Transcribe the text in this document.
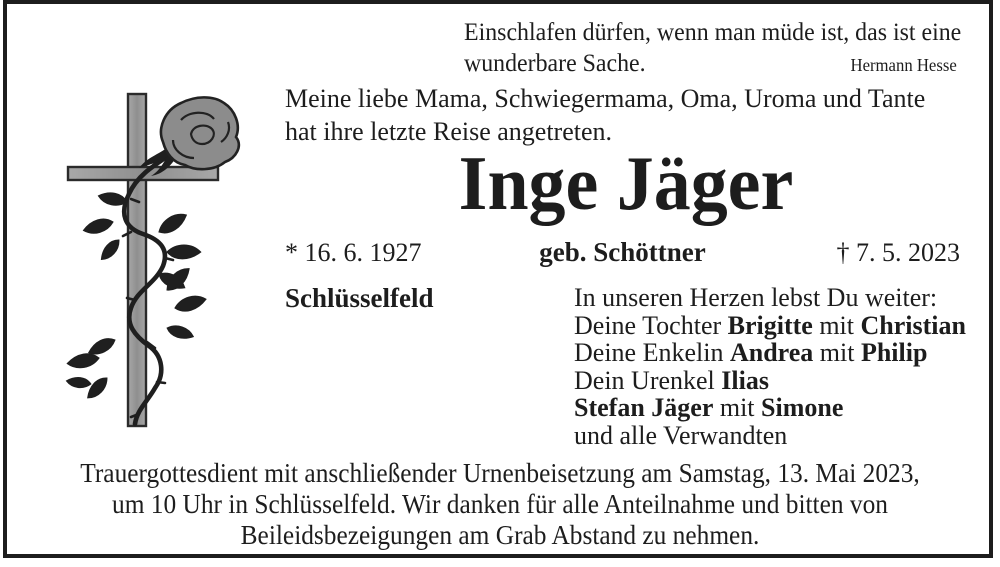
Einschlafen dürfen, wenn man müde ist, das ist eine
wunderbare Sache.	Hermann Hesse
Meine liebe Mama, Schwiegermama, Oma, Uroma und Tante
hat ihre letzte Reise angetreten.
Inge Jäger
* 16. 6. 1927	geb. Schöttner	† 7. 5. 2023
Schlüsselfeld	In unseren Herzen lebst Du weiter:
Deine Tochter Brigitte mit Christian
Deine Enkelin Andrea mit Philip
Dein Urenkel Ilias
Stefan Jäger mit Simone
und alle Verwandten
Trauergottesdient mit anschließender Urnenbeisetzung am Samstag, 13. Mai 2023,
um 10 Uhr in Schlüsselfeld. Wir danken für alle Anteilnahme und bitten von
Beileidsbezeigungen am Grab Abstand zu nehmen.
